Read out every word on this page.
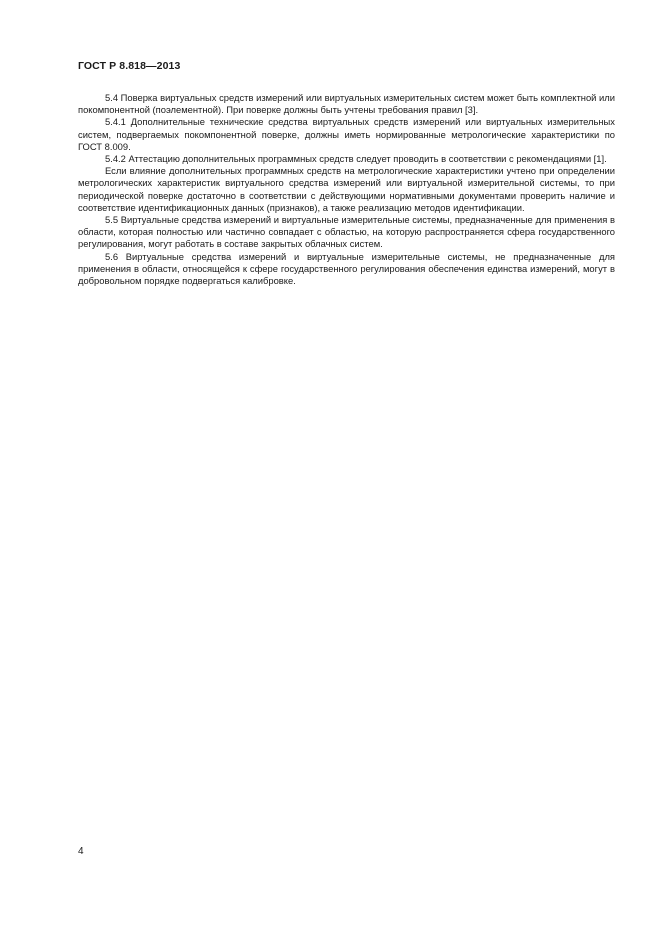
ГОСТ Р 8.818—2013

5.4 Поверка виртуальных средств измерений или виртуальных измерительных систем может быть комплектной или покомпонентной (поэлементной). При поверке должны быть учтены требования правил [3].

5.4.1 Дополнительные технические средства виртуальных средств измерений или виртуальных измерительных систем, подвергаемых покомпонентной поверке, должны иметь нормированные метрологические характеристики по ГОСТ 8.009.

5.4.2 Аттестацию дополнительных программных средств следует проводить в соответствии с рекомендациями [1].

Если влияние дополнительных программных средств на метрологические характеристики учтено при определении метрологических характеристик виртуального средства измерений или виртуальной измерительной системы, то при периодической поверке достаточно в соответствии с действующими нормативными документами проверить наличие и соответствие идентификационных данных (признаков), а также реализацию методов идентификации.

5.5 Виртуальные средства измерений и виртуальные измерительные системы, предназначенные для применения в области, которая полностью или частично совпадает с областью, на которую распространяется сфера государственного регулирования, могут работать в составе закрытых облачных систем.

5.6 Виртуальные средства измерений и виртуальные измерительные системы, не предназначенные для применения в области, относящейся к сфере государственного регулирования обеспечения единства измерений, могут в добровольном порядке подвергаться калибровке.

4
